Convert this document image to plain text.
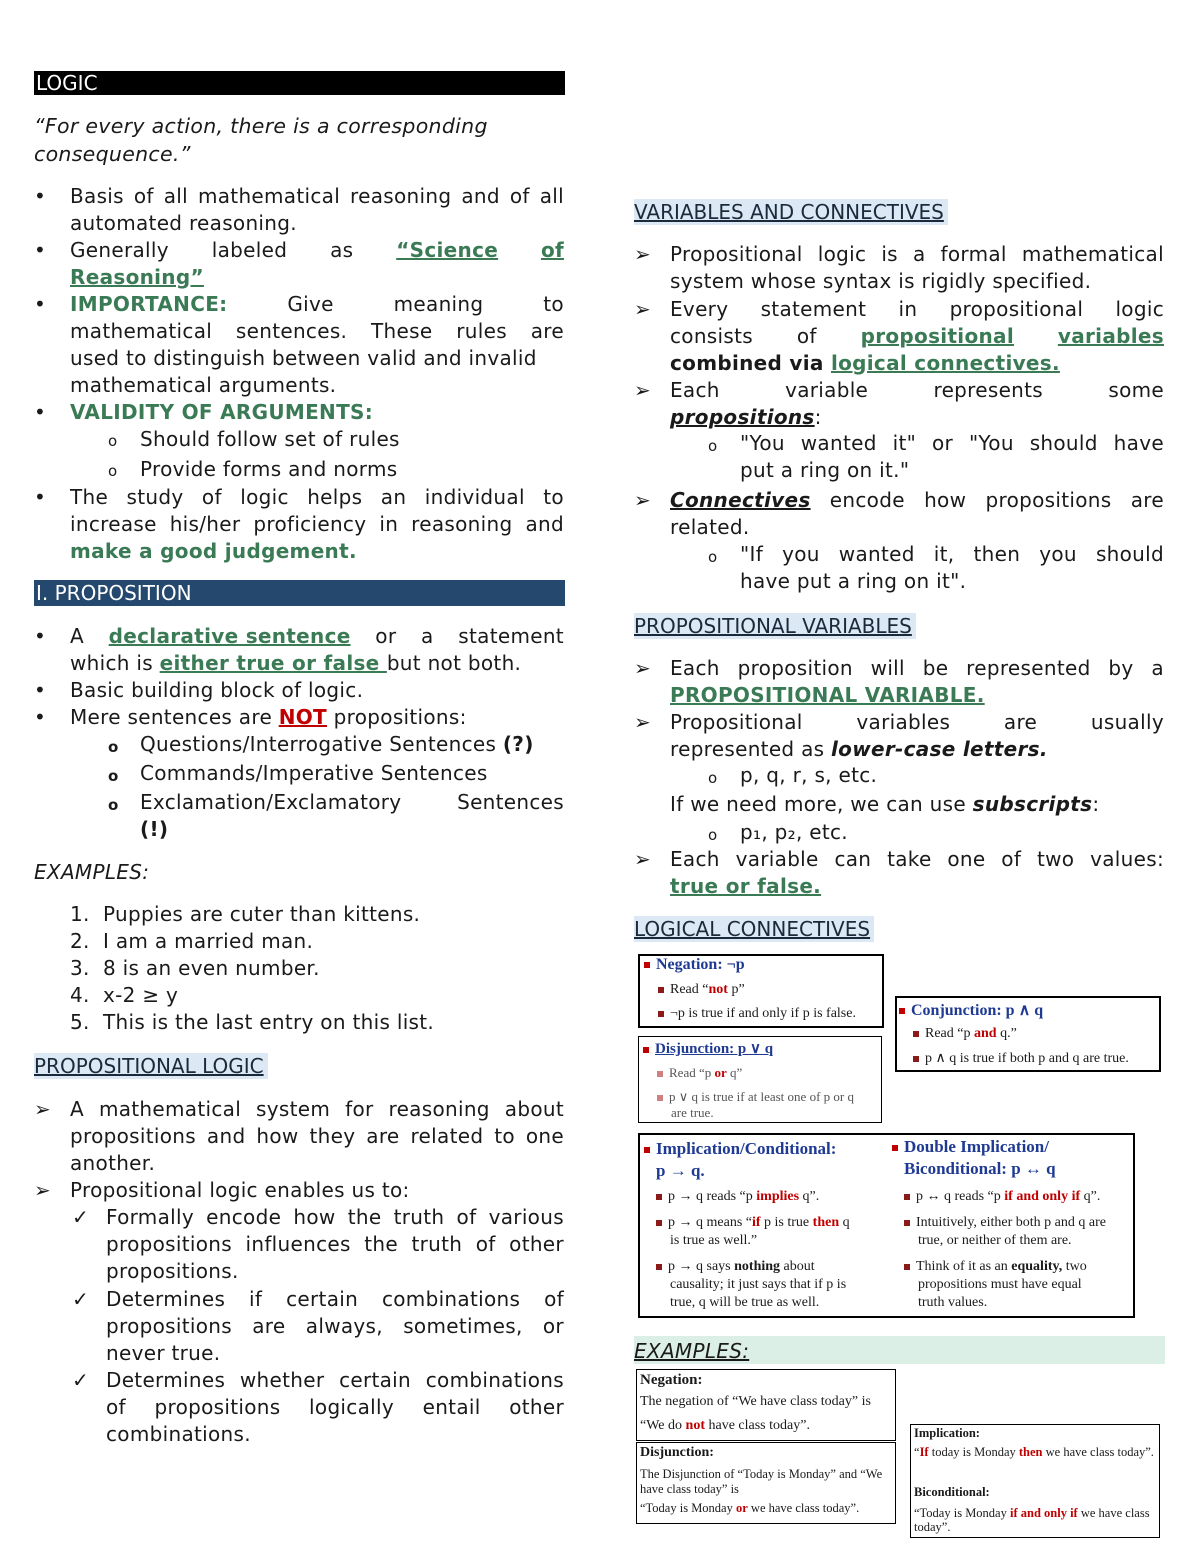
LOGIC
“For every action, there is a corresponding
consequence.”
• Basis of all mathematical reasoning and of all automated reasoning.
• Generally labeled as “Science of
Reasoning”
• IMPORTANCE:	Give	meaning	to
mathematical sentences. These rules are
used to distinguish between valid and invalid
mathematical arguments.
• VALIDITY OF ARGUMENTS:
o Should follow set of rules
o Provide forms and norms
• The study of logic helps an individual to
increase his/her proficiency in reasoning and
make a good judgement.
I. PROPOSITION
• A declarative sentence or a statement
which is either true or false but not both.
• Basic building block of logic.
• Mere sentences are NOT propositions:
o Questions/Interrogative Sentences (?)
o Commands/Imperative Sentences
o Exclamation/Exclamatory	Sentences
(!)
EXAMPLES:
1.  Puppies are cuter than kittens.
2.  I am a married man.
3.  8 is an even number.
4.  x-2 ≥ y
5.  This is the last entry on this list.
PROPOSITIONAL LOGIC
➢ A mathematical system for reasoning about
propositions and how they are related to one
another.
➢ Propositional logic enables us to:
✓ Formally encode how the truth of various
propositions influences the truth of other
propositions.
✓ Determines if certain combinations of
propositions are always, sometimes, or
never true.
✓ Determines whether certain combinations
of propositions logically entail other
combinations.
VARIABLES AND CONNECTIVES
➢ Propositional logic is a formal mathematical
system whose syntax is rigidly specified.
➢ Every statement in propositional logic
consists of propositional variables
combined via logical connectives.
➢ Each	variable	represents	some
propositions:
o "You wanted it" or "You should have
put a ring on it."
➢ Connectives encode how propositions are
related.
o "If you wanted it, then you should
have put a ring on it".
PROPOSITIONAL VARIABLES
➢ Each proposition will be represented by a
PROPOSITIONAL VARIABLE.
➢ Propositional	variables	are	usually
represented as lower-case letters.
o p, q, r, s, etc.
If we need more, we can use subscripts:
o p₁, p₂, etc.
➢ Each variable can take one of two values:
true or false.
LOGICAL CONNECTIVES
Negation: ¬p
Read “not p”
¬p is true if and only if p is false.	Conjunction: p ∧ q
Read “p and q.”
p ∧ q is true if both p and q are true.
Disjunction: p ∨ q
Read “p or q”
p ∨ q is true if at least one of p or q
are true.
Implication/Conditional:
p → q.
p → q reads “p implies q”.
p → q means “if p is true then q
is true as well.”
p → q says nothing about
causality; it just says that if p is
true, q will be true as well.
Double Implication/
Biconditional: p ↔ q
p ↔ q reads “p if and only if q”.
Intuitively, either both p and q are
true, or neither of them are.
Think of it as an equality, two
propositions must have equal
truth values.
EXAMPLES:
Negation:
The negation of “We have class today” is
“We do not have class today”.
Disjunction:
The Disjunction of “Today is Monday” and “We
have class today” is
“Today is Monday or we have class today”.
Implication:
“If today is Monday then we have class today”.
Biconditional:
“Today is Monday if and only if we have class
today”.
